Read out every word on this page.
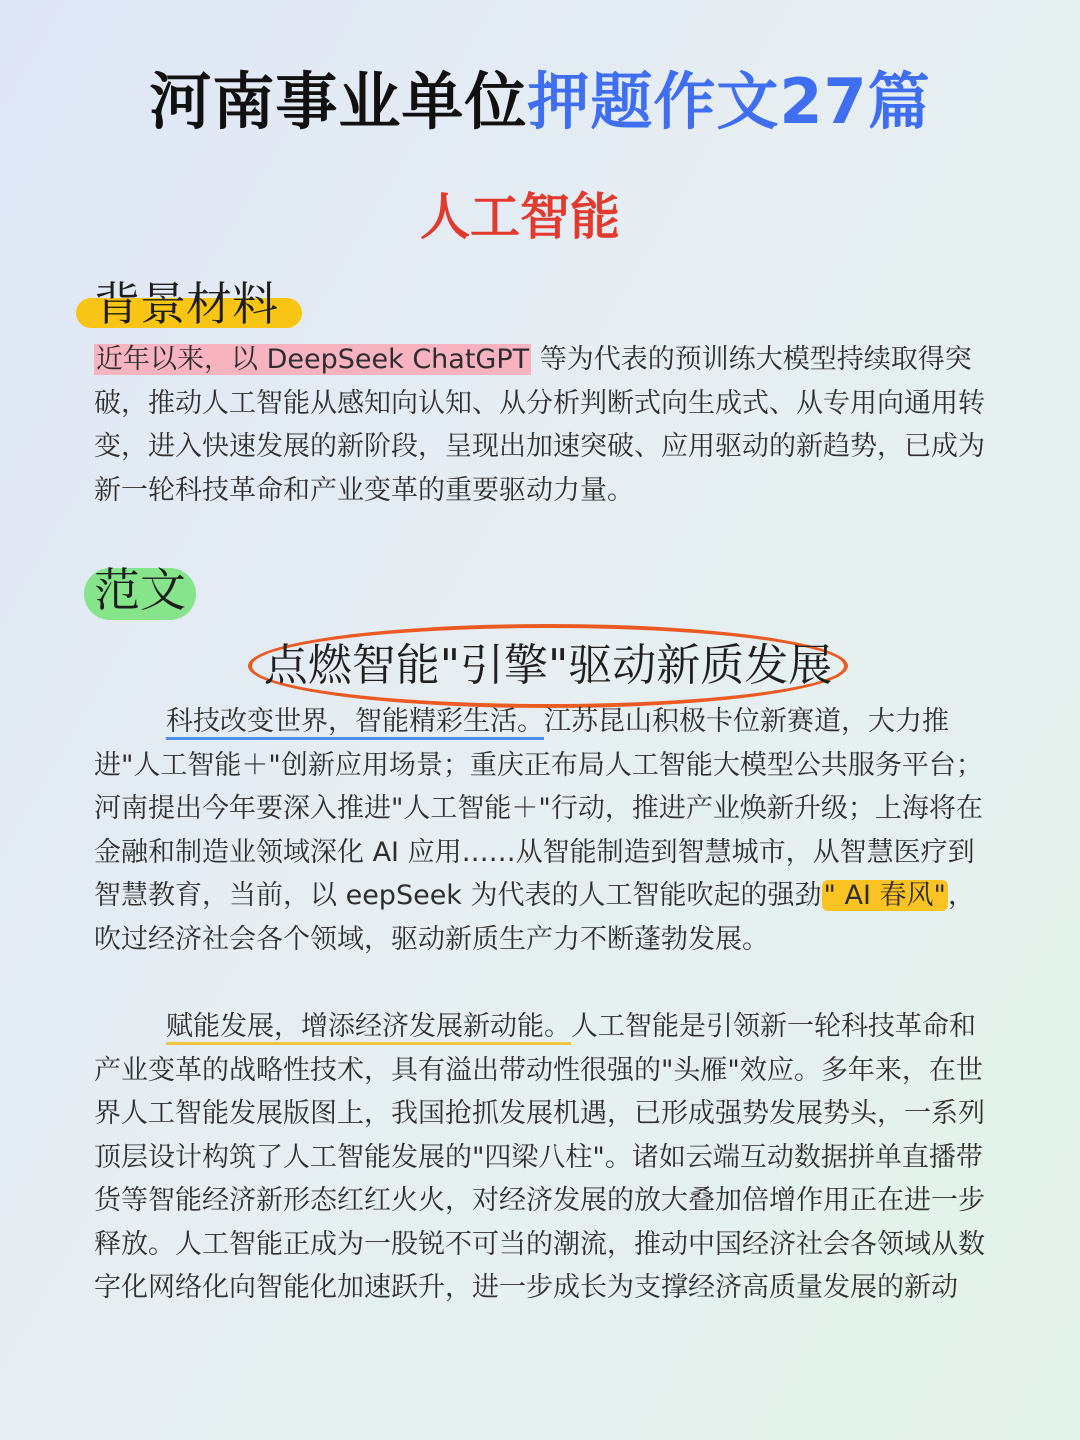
河南事业单位押题作文27篇
人工智能
背景材料

近年以来，以 DeepSeek ChatGPT 等为代表的预训练大模型持续取得突破，推动人工智能从感知向认知、从分析判断式向生成式、从专用向通用转变，进入快速发展的新阶段，呈现出加速突破、应用驱动的新趋势，已成为新一轮科技革命和产业变革的重要驱动力量。

范文
点燃智能"引擎"驱动新质发展

科技改变世界，智能精彩生活。江苏昆山积极卡位新赛道，大力推进"人工智能＋"创新应用场景；重庆正布局人工智能大模型公共服务平台；河南提出今年要深入推进"人工智能＋"行动，推进产业焕新升级；上海将在金融和制造业领域深化 AI 应用……从智能制造到智慧城市，从智慧医疗到智慧教育，当前，以 eepSeek 为代表的人工智能吹起的强劲" AI 春风"，吹过经济社会各个领域，驱动新质生产力不断蓬勃发展。

赋能发展，增添经济发展新动能。人工智能是引领新一轮科技革命和产业变革的战略性技术，具有溢出带动性很强的"头雁"效应。多年来，在世界人工智能发展版图上，我国抢抓发展机遇，已形成强势发展势头，一系列顶层设计构筑了人工智能发展的"四梁八柱"。诸如云端互动数据拼单直播带货等智能经济新形态红红火火，对经济发展的放大叠加倍增作用正在进一步释放。人工智能正成为一股锐不可当的潮流，推动中国经济社会各领域从数字化网络化向智能化加速跃升，进一步成长为支撑经济高质量发展的新动
